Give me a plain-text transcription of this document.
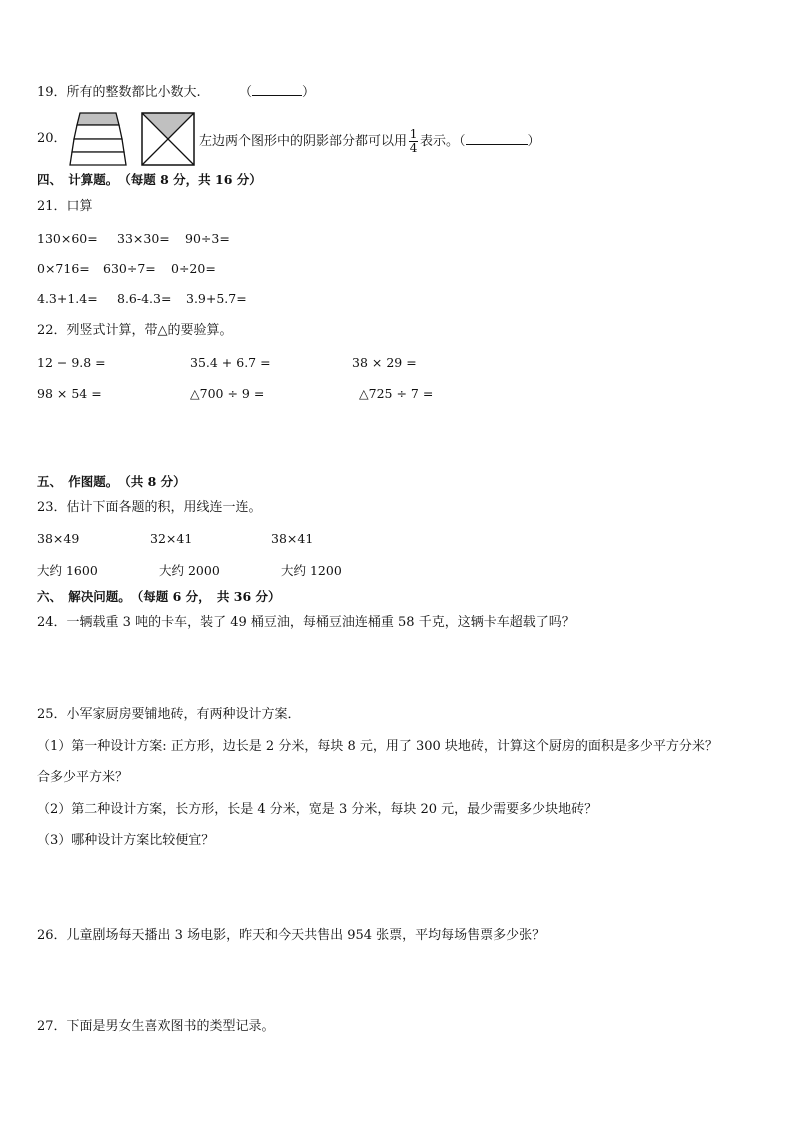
19．所有的整数都比小数大.	（	）
20．	左边两个图形中的阴影部分都可以用 $\frac{1}{4}$ 表示。（	）
四、　计算题。　（每题 8 分，共 16 分）
21．口算
130×60= 33×30= 90÷3=
0×716= 630÷7= 0÷20=
4.3+1.4= 8.6-4.3= 3.9+5.7=
22．列竖式计算，带△的要验算。
12 − 9.8 =	35.4 + 6.7 =	38 × 29 =
98 × 54 =	△700 ÷ 9 =	△725 ÷ 7 =
五、　作图题。　（共 8 分）
23．估计下面各题的积，用线连一连。
38×49	32×41	38×41
大约 1600	大约 2000	大约 1200
六、　解决问题。　（每题 6 分，　共 36 分）
24．一辆载重 3 吨的卡车，装了 49 桶豆油，每桶豆油连桶重 58 千克，这辆卡车超载了吗？
25．小军家厨房要铺地砖，有两种设计方案．
（1）第一种设计方案: 正方形，边长是 2 分米，每块 8 元，用了 300 块地砖，计算这个厨房的面积是多少平方分米？
合多少平方米？
（2）第二种设计方案，长方形，长是 4 分米，宽是 3 分米，每块 20 元，最少需要多少块地砖？
（3）哪种设计方案比较便宜？
26．儿童剧场每天播出 3 场电影，昨天和今天共售出 954 张票，平均每场售票多少张？
27．下面是男女生喜欢图书的类型记录。
